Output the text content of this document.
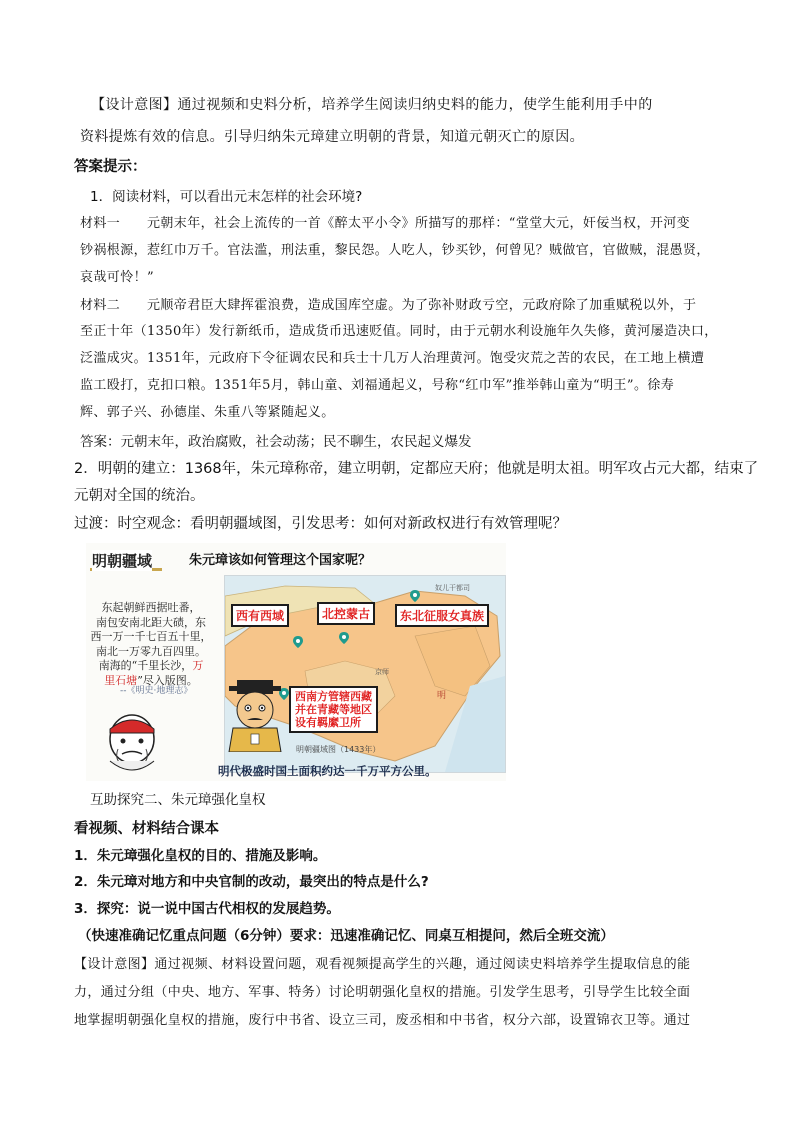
【设计意图】通过视频和史料分析，培养学生阅读归纳史料的能力，使学生能利用手中的
资料提炼有效的信息。引导归纳朱元璋建立明朝的背景，知道元朝灭亡的原因。
答案提示：
1．阅读材料，可以看出元末怎样的社会环境?
材料一　　元朝末年，社会上流传的一首《醉太平小令》所描写的那样：“堂堂大元，奸佞当权，开河变
钞祸根源，惹红巾万千。官法滥，刑法重，黎民怨。人吃人，钞买钞，何曾见？贼做官，官做贼，混愚贤，
哀哉可怜！”
材料二　　元顺帝君臣大肆挥霍浪费，造成国库空虚。为了弥补财政亏空，元政府除了加重赋税以外，于
至正十年（1350年）发行新纸币，造成货币迅速贬值。同时，由于元朝水利设施年久失修，黄河屡造决口，
泛滥成灾。1351年，元政府下令征调农民和兵士十几万人治理黄河。饱受灾荒之苦的农民，在工地上横遭
监工殴打，克扣口粮。1351年5月，韩山童、刘福通起义，号称“红巾军”推举韩山童为“明王”。徐寿
辉、郭子兴、孙德崖、朱重八等紧随起义。
答案：元朝末年，政治腐败，社会动荡；民不聊生，农民起义爆发
2．明朝的建立：1368年，朱元璋称帝，建立明朝，定都应天府；他就是明太祖。明军攻占元大都，结束了
元朝对全国的统治。
过渡：时空观念：看明朝疆域图，引发思考：如何对新政权进行有效管理呢？
明朝疆域	朱元璋该如何管理这个国家呢？
东起朝鲜西据吐番，
南包安南北距大碛，东
西一万一千七百五十里，
南北一万零九百四里。
南海的“千里长沙，万
里石塘”尽入版图。
--《明史·地理志》	明
京师
奴儿干都司
西有西域	北控蒙古	东北征服女真族
西南方管辖西藏
并在青藏等地区
设有羁縻卫所
明朝疆域图（1433年）
明代极盛时国土面积约达一千万平方公里。
互助探究二、朱元璋强化皇权
看视频、材料结合课本
1．朱元璋强化皇权的目的、措施及影响。
2．朱元璋对地方和中央官制的改动，最突出的特点是什么?
3．探究：说一说中国古代相权的发展趋势。
（快速准确记忆重点问题（6分钟）要求：迅速准确记忆、同桌互相提问，然后全班交流）
【设计意图】通过视频、材料设置问题，观看视频提高学生的兴趣，通过阅读史料培养学生提取信息的能
力，通过分组（中央、地方、军事、特务）讨论明朝强化皇权的措施。引发学生思考，引导学生比较全面
地掌握明朝强化皇权的措施，废行中书省、设立三司，废丞相和中书省，权分六部，设置锦衣卫等。通过
